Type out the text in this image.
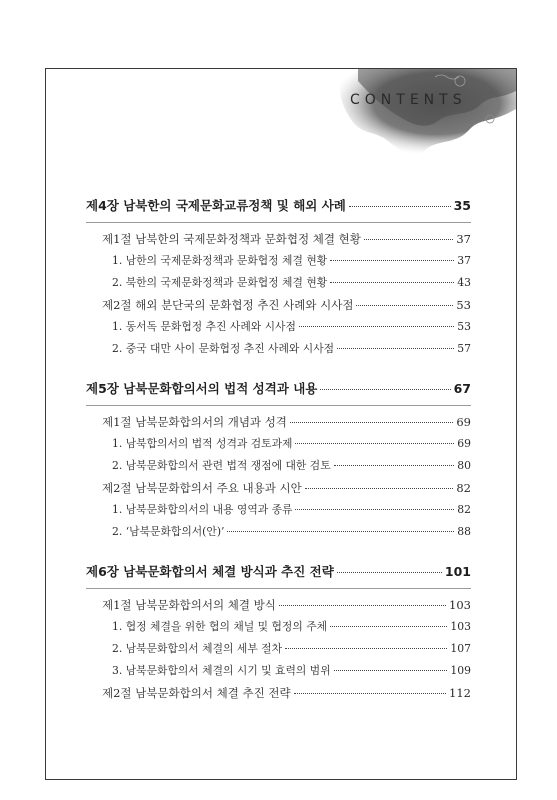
CONTENTS
제4장 남북한의 국제문화교류정책 및 해외 사례	35
제1절 남북한의 국제문화정책과 문화협정 체결 현황	37
1. 남한의 국제문화정책과 문화협정 체결 현황	37
2. 북한의 국제문화정책과 문화협정 체결 현황	43
제2절 해외 분단국의 문화협정 추진 사례와 시사점	53
1. 동서독 문화협정 추진 사례와 시사점	53
2. 중국 대만 사이 문화협정 추진 사례와 시사점	57
제5장 남북문화합의서의 법적 성격과 내용	67
제1절 남북문화합의서의 개념과 성격	69
1. 남북합의서의 법적 성격과 검토과제	69
2. 남북문화합의서 관련 법적 쟁점에 대한 검토	80
제2절 남북문화합의서 주요 내용과 시안	82
1. 남북문화합의서의 내용 영역과 종류	82
2. ‘남북문화합의서(안)’	88
제6장 남북문화합의서 체결 방식과 추진 전략	101
제1절 남북문화합의서의 체결 방식	103
1. 협정 체결을 위한 협의 채널 및 협정의 주체	103
2. 남북문화합의서 체결의 세부 절차	107
3. 남북문화합의서 체결의 시기 및 효력의 범위	109
제2절 남북문화합의서 체결 추진 전략	112
